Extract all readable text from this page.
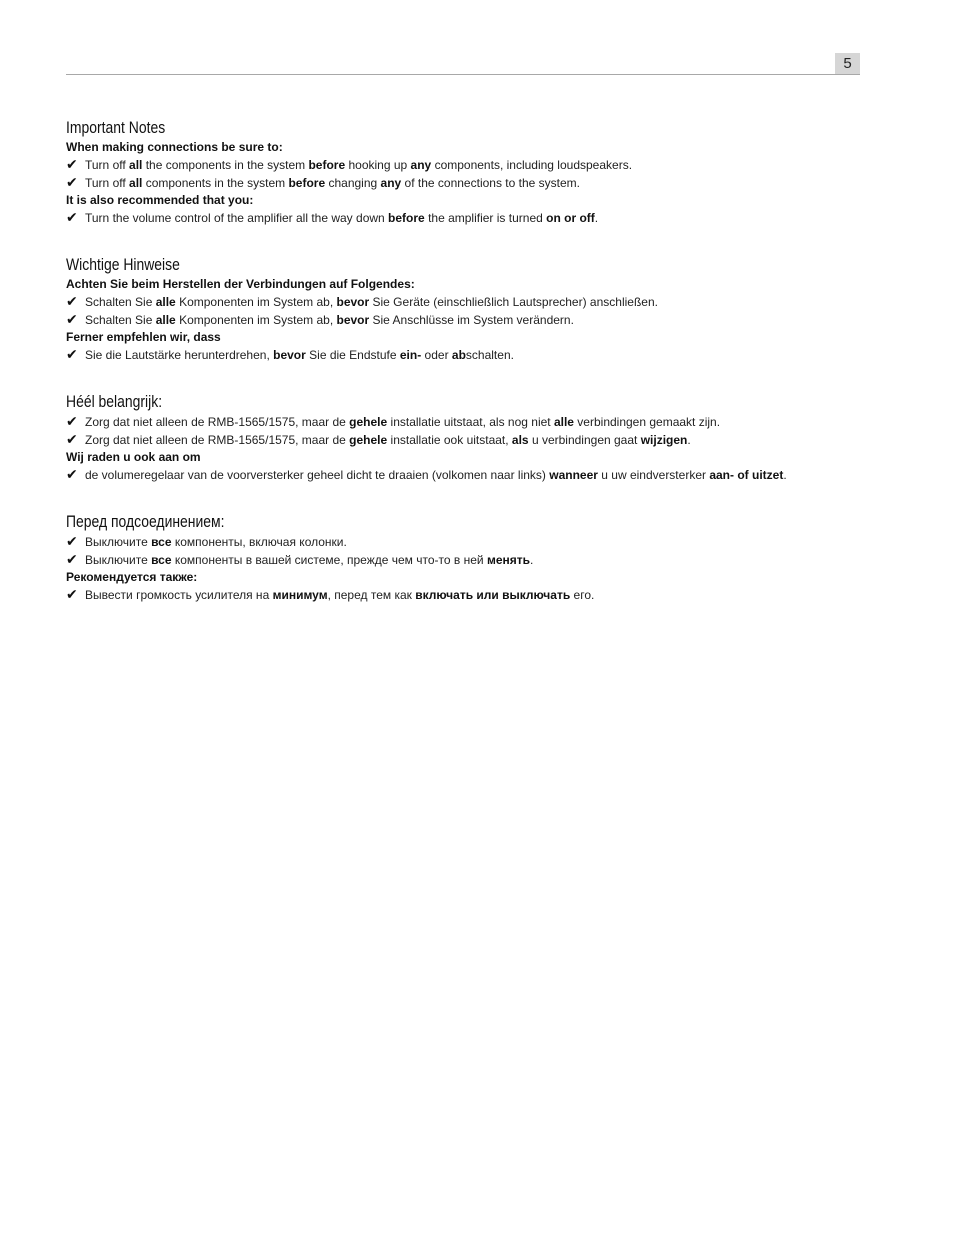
5
Important Notes
When making connections be sure to:
✔ Turn off all the components in the system before hooking up any components, including loudspeakers.
✔ Turn off all components in the system before changing any of the connections to the system.
It is also recommended that you:
✔ Turn the volume control of the amplifier all the way down before the amplifier is turned on or off.
Wichtige Hinweise
Achten Sie beim Herstellen der Verbindungen auf Folgendes:
✔ Schalten Sie alle Komponenten im System ab, bevor Sie Geräte (einschließlich Lautsprecher) anschließen.
✔ Schalten Sie alle Komponenten im System ab, bevor Sie Anschlüsse im System verändern.
Ferner empfehlen wir, dass
✔ Sie die Lautstärke herunterdrehen, bevor Sie die Endstufe ein- oder abschalten.
Héél belangrijk:
✔ Zorg dat niet alleen de RMB-1565/1575, maar de gehele installatie uitstaat, als nog niet alle verbindingen gemaakt zijn.
✔ Zorg dat niet alleen de RMB-1565/1575, maar de gehele installatie ook uitstaat, als u verbindingen gaat wijzigen.
Wij raden u ook aan om
✔ de volumeregelaar van de voorversterker geheel dicht te draaien (volkomen naar links) wanneer u uw eindversterker aan- of uitzet.
Перед подсоединением:
✔ Выключите все компоненты, включая колонки.
✔ Выключите все компоненты в вашей системе, прежде чем что-то в ней менять.
Рекомендуется также:
✔ Вывести громкость усилителя на минимум, перед тем как включать или выключать его.
